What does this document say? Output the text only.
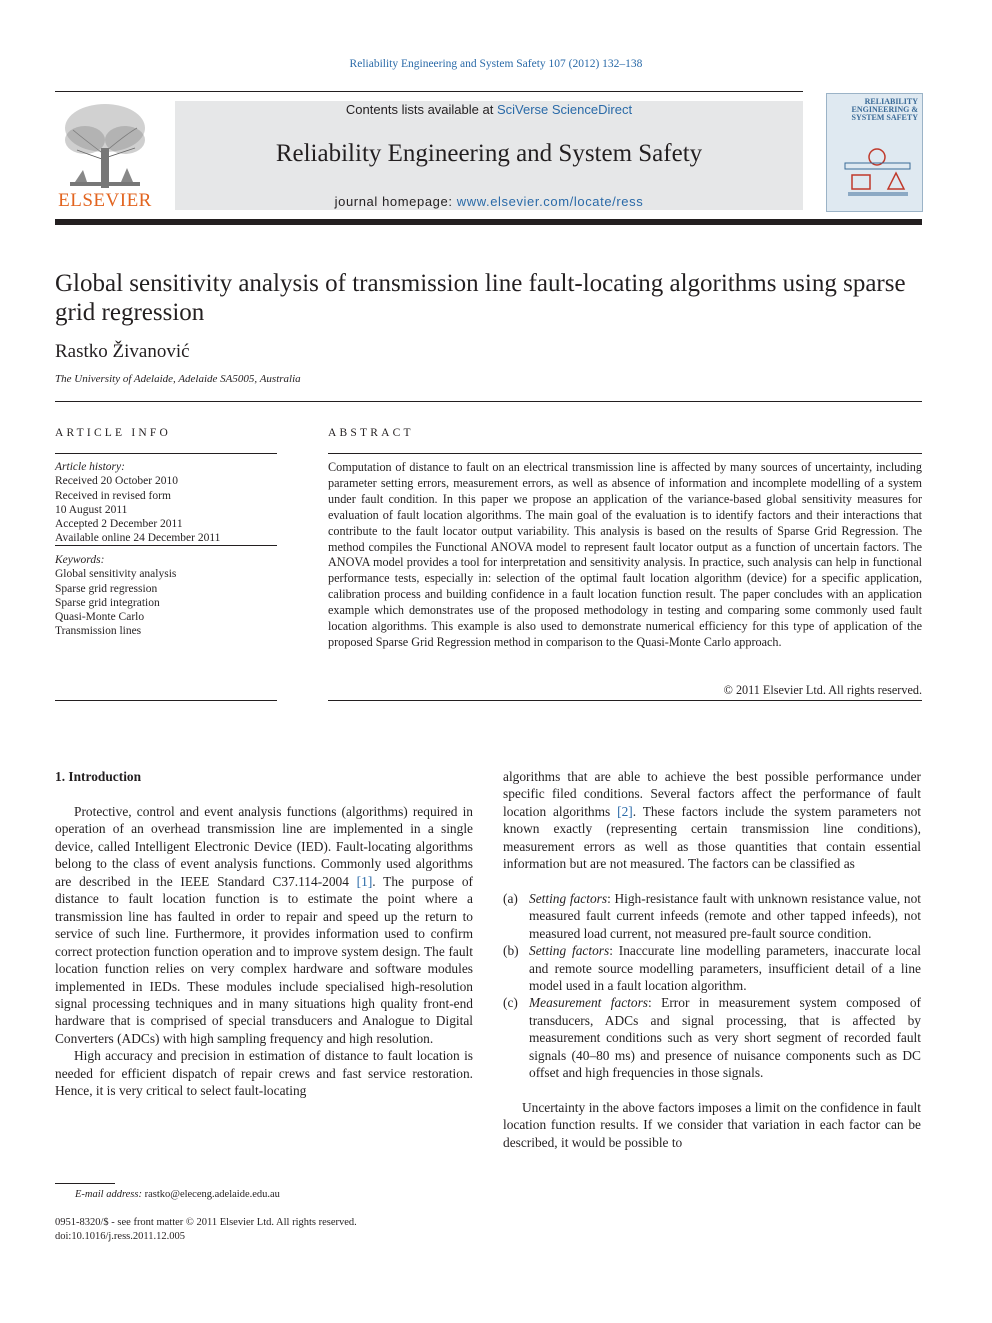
Reliability Engineering and System Safety 107 (2012) 132–138
ELSEVIER
Contents lists available at SciVerse ScienceDirect
Reliability Engineering and System Safety
journal homepage: www.elsevier.com/locate/ress
RELIABILITY ENGINEERING & SYSTEM SAFETY
Global sensitivity analysis of transmission line fault-locating algorithms using sparse grid regression
Rastko Živanović
The University of Adelaide, Adelaide SA5005, Australia
ARTICLE INFO
Article history:
Received 20 October 2010
Received in revised form
10 August 2011
Accepted 2 December 2011
Available online 24 December 2011
Keywords:
Global sensitivity analysis
Sparse grid regression
Sparse grid integration
Quasi-Monte Carlo
Transmission lines
ABSTRACT
Computation of distance to fault on an electrical transmission line is affected by many sources of uncertainty, including parameter setting errors, measurement errors, as well as absence of information and incomplete modelling of a system under fault condition. In this paper we propose an application of the variance-based global sensitivity measures for evaluation of fault location algorithms. The main goal of the evaluation is to identify factors and their interactions that contribute to the fault locator output variability. This analysis is based on the results of Sparse Grid Regression. The method compiles the Functional ANOVA model to represent fault locator output as a function of uncertain factors. The ANOVA model provides a tool for interpretation and sensitivity analysis. In practice, such analysis can help in functional performance tests, especially in: selection of the optimal fault location algorithm (device) for a specific application, calibration process and building confidence in a fault location function result. The paper concludes with an application example which demonstrates use of the proposed methodology in testing and comparing some commonly used fault location algorithms. This example is also used to demonstrate numerical efficiency for this type of application of the proposed Sparse Grid Regression method in comparison to the Quasi-Monte Carlo approach.
© 2011 Elsevier Ltd. All rights reserved.
1. Introduction

Protective, control and event analysis functions (algorithms) required in operation of an overhead transmission line are implemented in a single device, called Intelligent Electronic Device (IED). Fault-locating algorithms belong to the class of event analysis functions. Commonly used algorithms are described in the IEEE Standard C37.114-2004 [1]. The purpose of distance to fault location function is to estimate the point where a transmission line has faulted in order to repair and speed up the return to service of such line. Furthermore, it provides information used to confirm correct protection function operation and to improve system design. The fault location function relies on very complex hardware and software modules implemented in IEDs. These modules include specialised high-resolution signal processing techniques and in many situations high quality front-end hardware that is comprised of special transducers and Analogue to Digital Converters (ADCs) with high sampling frequency and high resolution.

High accuracy and precision in estimation of distance to fault location is needed for efficient dispatch of repair crews and fast service restoration. Hence, it is very critical to select fault-locating

algorithms that are able to achieve the best possible performance under specific filed conditions. Several factors affect the performance of fault location algorithms [2]. These factors include the system parameters not known exactly (representing certain transmission line conditions), measurement errors as well as those quantities that contain essential information but are not measured. The factors can be classified as

(a) Setting factors: High-resistance fault with unknown resistance value, not measured fault current infeeds (remote and other tapped infeeds), not measured load current, not measured pre-fault source condition.
(b) Setting factors: Inaccurate line modelling parameters, inaccurate local and remote source modelling parameters, insufficient detail of a line model used in a fault location algorithm.
(c) Measurement factors: Error in measurement system composed of transducers, ADCs and signal processing, that is affected by measurement conditions such as very short segment of recorded fault signals (40–80 ms) and presence of nuisance components such as DC offset and high frequencies in those signals.

Uncertainty in the above factors imposes a limit on the confidence in fault location function results. If we consider that variation in each factor can be described, it would be possible to

E-mail address: rastko@eleceng.adelaide.edu.au
0951-8320/$ - see front matter © 2011 Elsevier Ltd. All rights reserved.
doi:10.1016/j.ress.2011.12.005
